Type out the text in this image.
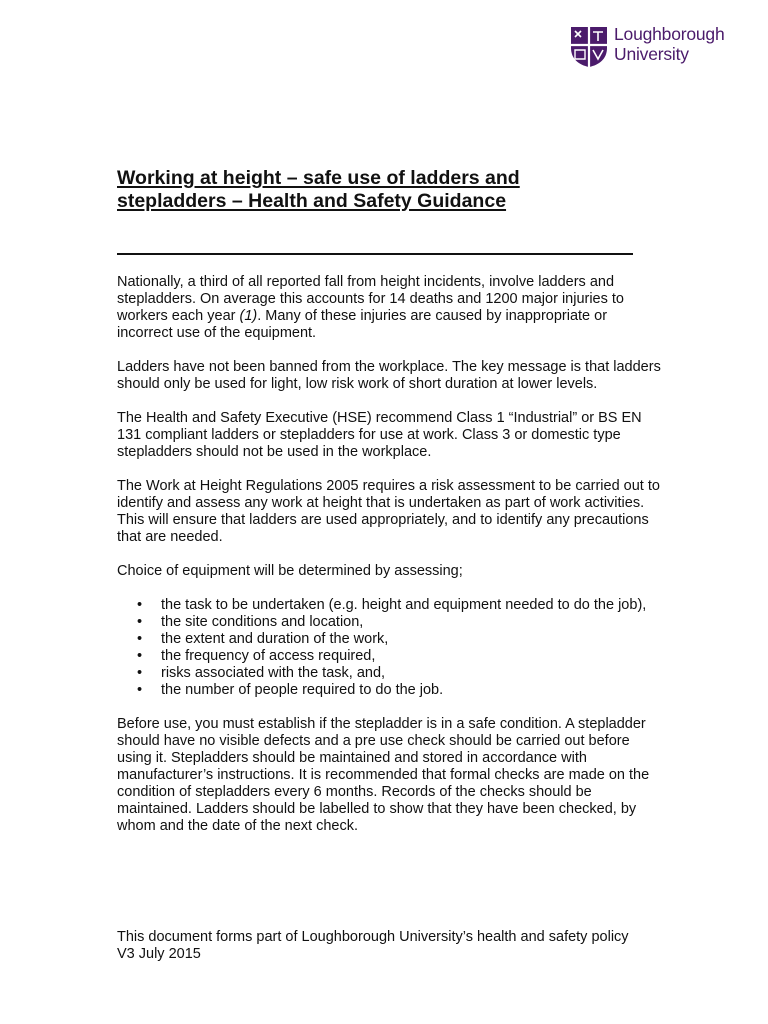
Loughborough
University
Working at height – safe use of ladders and
stepladders – Health and Safety Guidance

Nationally, a third of all reported fall from height incidents, involve ladders and stepladders. On average this accounts for 14 deaths and 1200 major injuries to workers each year (1). Many of these injuries are caused by inappropriate or incorrect use of the equipment.

Ladders have not been banned from the workplace. The key message is that ladders should only be used for light, low risk work of short duration at lower levels.

The Health and Safety Executive (HSE) recommend Class 1 “Industrial” or BS EN 131 compliant ladders or stepladders for use at work. Class 3 or domestic type stepladders should not be used in the workplace.

The Work at Height Regulations 2005 requires a risk assessment to be carried out to identify and assess any work at height that is undertaken as part of work activities. This will ensure that ladders are used appropriately, and to identify any precautions that are needed.

Choice of equipment will be determined by assessing;

• the task to be undertaken (e.g. height and equipment needed to do the job),
• the site conditions and location,
• the extent and duration of the work,
• the frequency of access required,
• risks associated with the task, and,
• the number of people required to do the job.

Before use, you must establish if the stepladder is in a safe condition. A stepladder should have no visible defects and a pre use check should be carried out before using it. Stepladders should be maintained and stored in accordance with manufacturer’s instructions. It is recommended that formal checks are made on the condition of stepladders every 6 months. Records of the checks should be maintained. Ladders should be labelled to show that they have been checked, by whom and the date of the next check.

This document forms part of Loughborough University’s health and safety policy
V3 July 2015
